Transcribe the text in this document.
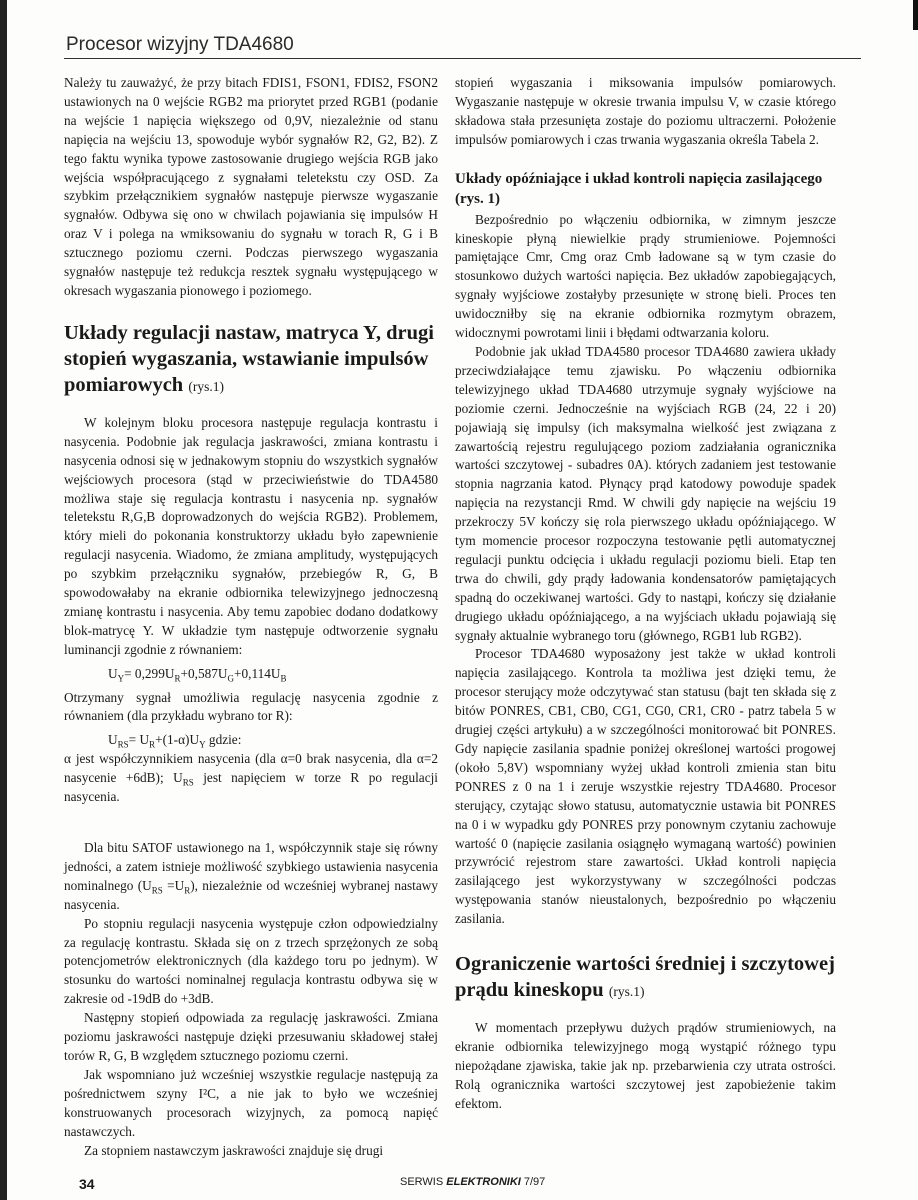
Procesor wizyjny TDA4680

Należy tu zauważyć, że przy bitach FDIS1, FSON1, FDIS2, FSON2 ustawionych na 0 wejście RGB2 ma priorytet przed RGB1 (podanie na wejście 1 napięcia większego od 0,9V, niezależnie od stanu napięcia na wejściu 13, spowoduje wybór sygnałów R2, G2, B2). Z tego faktu wynika typowe zastosowanie drugiego wejścia RGB jako wejścia współpracującego z sygnałami teletekstu czy OSD. Za szybkim przełącznikiem sygnałów następuje pierwsze wygaszanie sygnałów. Odbywa się ono w chwilach pojawiania się impulsów H oraz V i polega na wmiksowaniu do sygnału w torach R, G i B sztucznego poziomu czerni. Podczas pierwszego wygaszania sygnałów następuje też redukcja resztek sygnału występującego w okresach wygaszania pionowego i poziomego.

Układy regulacji nastaw, matryca Y, drugi stopień wygaszania, wstawianie impulsów pomiarowych (rys.1)

W kolejnym bloku procesora następuje regulacja kontrastu i nasycenia. Podobnie jak regulacja jaskrawości, zmiana kontrastu i nasycenia odnosi się w jednakowym stopniu do wszystkich sygnałów wejściowych procesora (stąd w przeciwieństwie do TDA4580 możliwa staje się regulacja kontrastu i nasycenia np. sygnałów teletekstu R,G,B doprowadzonych do wejścia RGB2). Problemem, który mieli do pokonania konstruktorzy układu było zapewnienie regulacji nasycenia. Wiadomo, że zmiana amplitudy, występujących po szybkim przełączniku sygnałów, przebiegów R, G, B spowodowałaby na ekranie odbiornika telewizyjnego jednoczesną zmianę kontrastu i nasycenia. Aby temu zapobiec dodano dodatkowy blok-matrycę Y. W układzie tym następuje odtworzenie sygnału luminancji zgodnie z równaniem:

$U_Y= 0,299U_R+0,587U_G+0,114U_B$

Otrzymany sygnał umożliwia regulację nasycenia zgodnie z równaniem (dla przykładu wybrano tor R):

$U_{RS}= U_R+(1-\alpha)U_Y$ gdzie:

α jest współczynnikiem nasycenia (dla α=0 brak nasycenia, dla α=2 nasycenie +6dB); $U_{RS}$ jest napięciem w torze R po regulacji nasycenia.

Dla bitu SATOF ustawionego na 1, współczynnik staje się równy jedności, a zatem istnieje możliwość szybkiego ustawienia nasycenia nominalnego $(U_{RS} =U_R)$, niezależnie od wcześniej wybranej nastawy nasycenia.

Po stopniu regulacji nasycenia występuje człon odpowiedzialny za regulację kontrastu. Składa się on z trzech sprzężonych ze sobą potencjometrów elektronicznych (dla każdego toru po jednym). W stosunku do wartości nominalnej regulacja kontrastu odbywa się w zakresie od -19dB do +3dB.

Następny stopień odpowiada za regulację jaskrawości. Zmiana poziomu jaskrawości następuje dzięki przesuwaniu składowej stałej torów R, G, B względem sztucznego poziomu czerni.

Jak wspomniano już wcześniej wszystkie regulacje następują za pośrednictwem szyny I²C, a nie jak to było we wcześniej konstruowanych procesorach wizyjnych, za pomocą napięć nastawczych.

Za stopniem nastawczym jaskrawości znajduje się drugi

stopień wygaszania i miksowania impulsów pomiarowych. Wygaszanie następuje w okresie trwania impulsu V, w czasie którego składowa stała przesunięta zostaje do poziomu ultraczerni. Położenie impulsów pomiarowych i czas trwania wygaszania określa Tabela 2.

Układy opóźniające i układ kontroli napięcia zasilającego (rys. 1)

Bezpośrednio po włączeniu odbiornika, w zimnym jeszcze kineskopie płyną niewielkie prądy strumieniowe. Pojemności pamiętające Cmr, Cmg oraz Cmb ładowane są w tym czasie do stosunkowo dużych wartości napięcia. Bez układów zapobiegających, sygnały wyjściowe zostałyby przesunięte w stronę bieli. Proces ten uwidoczniłby się na ekranie odbiornika rozmytym obrazem, widocznymi powrotami linii i błędami odtwarzania koloru.

Podobnie jak układ TDA4580 procesor TDA4680 zawiera układy przeciwdziałające temu zjawisku. Po włączeniu odbiornika telewizyjnego układ TDA4680 utrzymuje sygnały wyjściowe na poziomie czerni. Jednocześnie na wyjściach RGB (24, 22 i 20) pojawiają się impulsy (ich maksymalna wielkość jest związana z zawartością rejestru regulującego poziom zadziałania ogranicznika wartości szczytowej - subadres 0A). których zadaniem jest testowanie stopnia nagrzania katod. Płynący prąd katodowy powoduje spadek napięcia na rezystancji Rmd. W chwili gdy napięcie na wejściu 19 przekroczy 5V kończy się rola pierwszego układu opóźniającego. W tym momencie procesor rozpoczyna testowanie pętli automatycznej regulacji punktu odcięcia i układu regulacji poziomu bieli. Etap ten trwa do chwili, gdy prądy ładowania kondensatorów pamiętających spadną do oczekiwanej wartości. Gdy to nastąpi, kończy się działanie drugiego układu opóźniającego, a na wyjściach układu pojawiają się sygnały aktualnie wybranego toru (głównego, RGB1 lub RGB2).

Procesor TDA4680 wyposażony jest także w układ kontroli napięcia zasilającego. Kontrola ta możliwa jest dzięki temu, że procesor sterujący może odczytywać stan statusu (bajt ten składa się z bitów PONRES, CB1, CB0, CG1, CG0, CR1, CR0 - patrz tabela 5 w drugiej części artykułu) a w szczególności monitorować bit PONRES. Gdy napięcie zasilania spadnie poniżej określonej wartości progowej (około 5,8V) wspomniany wyżej układ kontroli zmienia stan bitu PONRES z 0 na 1 i zeruje wszystkie rejestry TDA4680. Procesor sterujący, czytając słowo statusu, automatycznie ustawia bit PONRES na 0 i w wypadku gdy PONRES przy ponownym czytaniu zachowuje wartość 0 (napięcie zasilania osiągnęło wymaganą wartość) powinien przywrócić rejestrom stare zawartości. Układ kontroli napięcia zasilającego jest wykorzystywany w szczególności podczas występowania stanów nieustalonych, bezpośrednio po włączeniu zasilania.

Ograniczenie wartości średniej i szczytowej prądu kineskopu (rys.1)

W momentach przepływu dużych prądów strumieniowych, na ekranie odbiornika telewizyjnego mogą wystąpić różnego typu niepożądane zjawiska, takie jak np. przebarwienia czy utrata ostrości. Rolą ogranicznika wartości szczytowej jest zapobieżenie takim efektom.

34	SERWIS ELEKTRONIKI 7/97
